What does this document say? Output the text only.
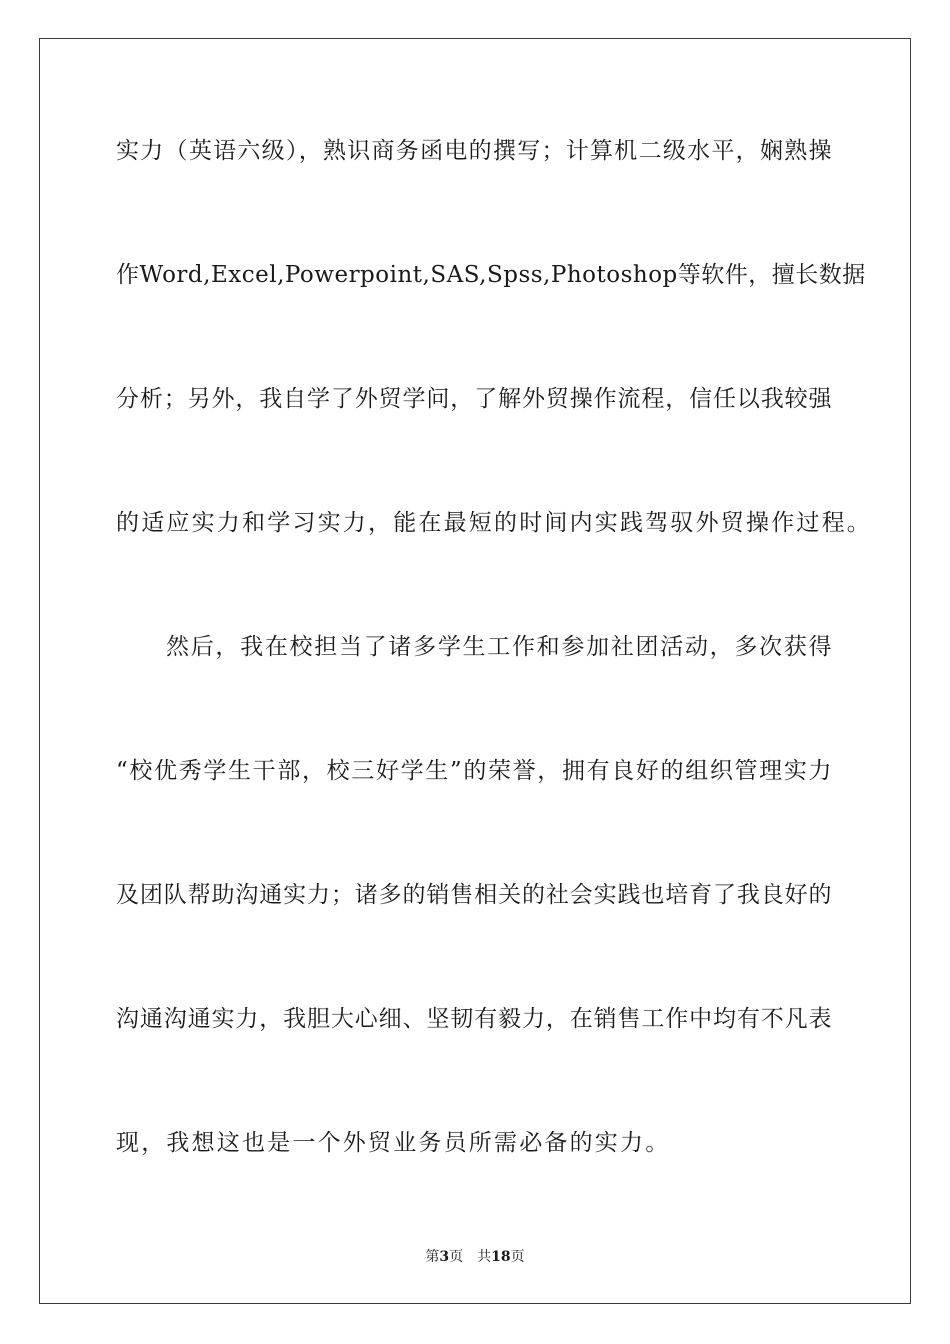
实力（英语六级），熟识商务函电的撰写；计算机二级水平，娴熟操
作Word,Excel,Powerpoint,SAS,Spss,Photoshop等软件，擅长数据
分析；另外，我自学了外贸学问，了解外贸操作流程，信任以我较强
的适应实力和学习实力，能在最短的时间内实践驾驭外贸操作过程。
然后，我在校担当了诸多学生工作和参加社团活动，多次获得
“校优秀学生干部，校三好学生”的荣誉，拥有良好的组织管理实力
及团队帮助沟通实力；诸多的销售相关的社会实践也培育了我良好的
沟通沟通实力，我胆大心细、坚韧有毅力，在销售工作中均有不凡表
现，我想这也是一个外贸业务员所需必备的实力。
第3页 共18页
